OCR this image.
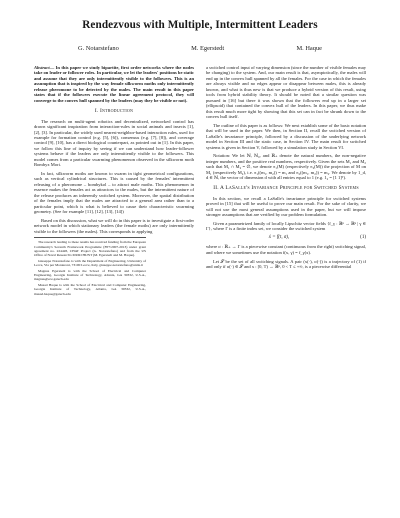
Rendezvous with Multiple, Intermittent Leaders
G. Notarstefano	M. Egerstedt	M. Haque

Abstract— In this paper we study bipartite, first order networks where the nodes take on leader or follower roles. In particular, we let the leaders' positions be static and assume that they are only intermittently visible to the followers. This is an assumption that is inspired by the way female silkworm moths only intermittently release pheromone to be detected by the males. The main result in this paper states that if the followers execute the linear agreement protocol, they will converge to the convex hull spanned by the leaders (may they be visible or not).

I. Introduction

The research on multi-agent robotics and decentralized, networked control has drawn significant inspiration from interaction-rules in social animals and insects [1], [2], [3]. In particular, the widely used nearest-neighbor-based interaction rules, used for example for formation control (e.g. [5], [6]), consensus (e.g. [7], [8]), and coverage control [9], [10], has a direct biological counterpart, as pointed out in [1]. In this paper, we follow this line of inquiry by seeing if we can understand how leader-follower systems behave if the leaders are only intermittently visible to the followers. This model comes from a particular swarming phenomenon observed in the silkworm moth Bombyx Mori.

In fact, silkworm moths are known to swarm in tight geometrical configurations, such as vertical cylindrical structures. This is caused by the females' intermittent releasing of a pheromone – bombykol – to attract male moths. This phenomenon in essence makes the females act as attractors to the males, but the intermittent nature of the release produces an inherently switched system. Moreover, the spatial distribution of the females imply that the males are attracted to a general area rather than to a particular point, which is what is believed to cause their characteristic swarming geometry. (See for example [11], [12], [13], [14])

Based on this discussion, what we will do in this paper is to investigate a first-order network model in which stationary leaders (the female moths) are only intermittently visible to the followers (the males). This corresponds to applying

The research leading to these results has received funding from the European Community's Seventh Framework Programme (FP7/2007-2013) under grant agreement no. 224428, CHAT Project (G. Notarstefano) and from the US Office of Naval Research's MURI HUNT (M. Egerstedt and M. Haque).

Giuseppe Notarstefano is with the Department of Engineering, University of Lecce, Via per Monteroni, 73100 Lecce, Italy, giuseppe.notarstefano@unile.it

Magnus Egerstedt is with the School of Electrical and Computer Engineering, Georgia Institute of Technology, Atlanta, GA 30332, U.S.A., magnus@ece.gatech.edu

Musad Haque is with the School of Electrical and Computer Engineering, Georgia Institute of Technology, Atlanta, GA 30332, U.S.A., musad.haque@gatech.edu

a switched control input of varying dimension (since the number of visible females may be changing) to the system. And, our main result is that, asymptotically, the males will end up in the convex hull spanned by all the females. For the case in which the females are always visible and no edges appear or disappear between males, this is already known, and what is thus new is that we produce a hybrid version of this result, using tools from hybrid stability theory. It should be noted that a similar question was pursued in [16] but there it was shown that the followers end up in a larger set (ellipsoid) that contained the convex hull of the leaders. In this paper, we thus make this result much more tight by showing that this set can in fact be shrunk down to the convex hull itself.

The outline of this paper is as follows: We next establish some of the basic notation that will be used in the paper. We then, in Section II, recall the switched version of LaSalle's invariance principle, followed by a discussion of the underlying network model in Section III and the static case, in Section IV. The main result for switched systems is given in Section V, followed by a simulation study in Section VI.

Notation: We let ℕ, ℕ₀, and ℝ₊ denote the natural numbers, the non-negative integer numbers, and the positive real numbers, respectively. Given the sets M₁ and M₂ such that M₁ ∩ M₂ = ∅, we denote π₁(M) (respectively π₂(M)) the projection of M on M₁ (respectively M₂), i.e. π₁((m₁, m₂)) = m₁ and π₂((m₁, m₂)) = m₂. We denote by 1_d, d ∈ ℕ, the vector of dimension d with all entries equal to 1 (e.g. 1₂ = [1 1]ᵀ).

II. A LaSalle's Invariance Principle for Switched Systems

In this section, we recall a LaSalle's invariance principle for switched systems proved in [15] that will be useful to prove our main result. For the sake of clarity, we will not use the most general assumptions used in the paper, but we will impose stronger assumptions that are verified by our problem formulation.

Given a parametrized family of locally Lipschitz vector fields {f_γ : ℝⁿ → ℝⁿ | γ ∈ Γ}, where Γ is a finite index set, we consider the switched system

ẋ = f(t, σ),	(1)

where σ : ℝ₊ → Γ is a piecewise constant (continuous from the right) switching signal, and where we sometimes use the notation f(x, γ) = f_γ(x).

Let 𝒮 be the set of all switching signals. A pair (x(·), σ(·)) is a trajectory of (1) if and only if σ(·) ∈ 𝒮 and x : [0, T) → ℝⁿ, 0 < T ≤ +∞, is a piecewise differential
